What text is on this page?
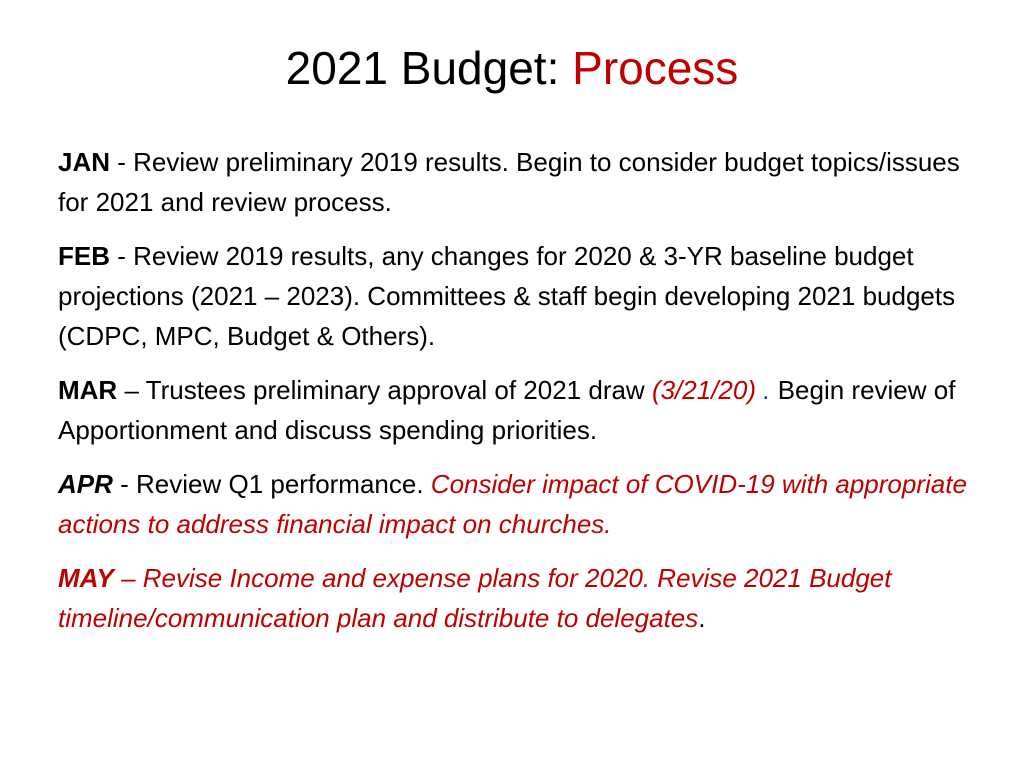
2021 Budget: Process

JAN - Review preliminary 2019 results. Begin to consider budget topics/issues for 2021 and review process.

FEB - Review 2019 results, any changes for 2020 & 3-YR baseline budget projections (2021 – 2023). Committees & staff begin developing 2021 budgets (CDPC, MPC, Budget & Others).

MAR – Trustees preliminary approval of 2021 draw (3/21/20) . Begin review of Apportionment and discuss spending priorities.

APR - Review Q1 performance. Consider impact of COVID-19 with appropriate actions to address financial impact on churches.

MAY – Revise Income and expense plans for 2020. Revise 2021 Budget timeline/communication plan and distribute to delegates.
